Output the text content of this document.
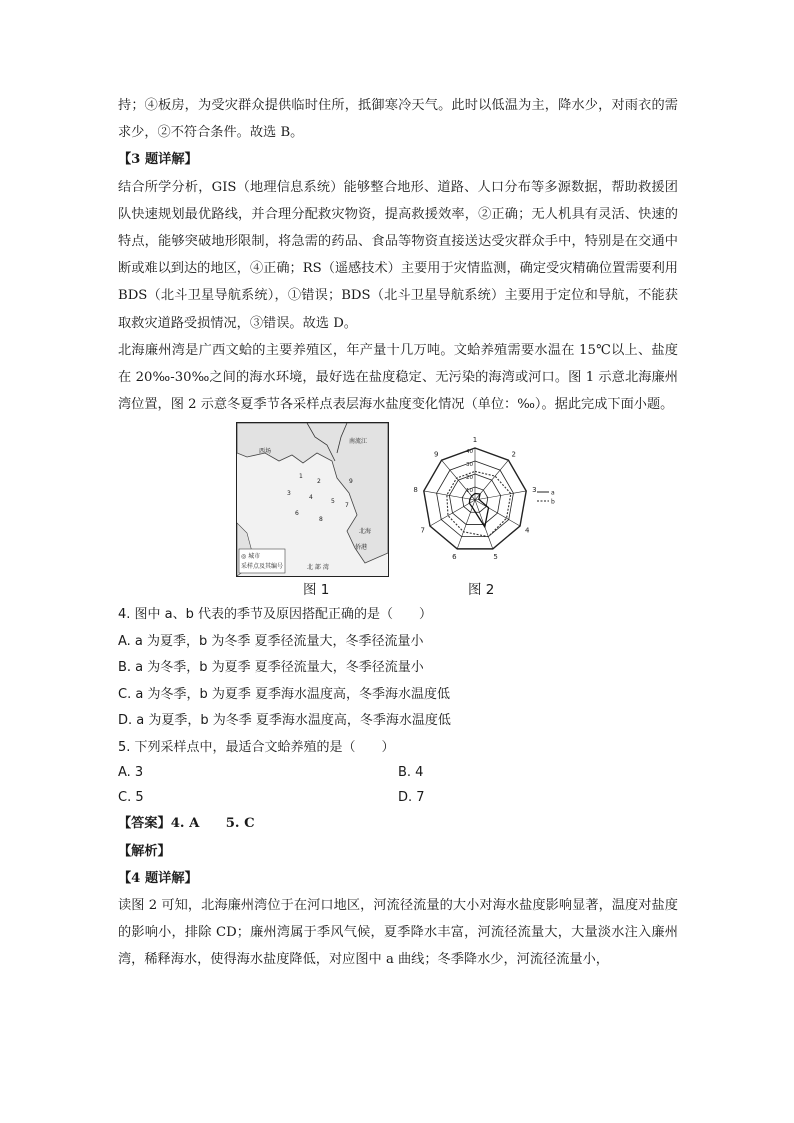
持；④板房，为受灾群众提供临时住所，抵御寒冷天气。此时以低温为主，降水少，对雨衣的需求少，②不符合条件。故选 B。

【3 题详解】

结合所学分析，GIS（地理信息系统）能够整合地形、道路、人口分布等多源数据，帮助救援团队快速规划最优路线，并合理分配救灾物资，提高救援效率，②正确；无人机具有灵活、快速的特点，能够突破地形限制，将急需的药品、食品等物资直接送达受灾群众手中，特别是在交通中断或难以到达的地区，④正确；RS（遥感技术）主要用于灾情监测，确定受灾精确位置需要利用 BDS（北斗卫星导航系统），①错误；BDS（北斗卫星导航系统）主要用于定位和导航，不能获取救灾道路受损情况，③错误。故选 D。

北海廉州湾是广西文蛤的主要养殖区，年产量十几万吨。文蛤养殖需要水温在 15℃以上、盐度在 20‰-30‰之间的海水环境，最好选在盐度稳定、无污染的海湾或河口。图 1 示意北海廉州湾位置，图 2 示意冬夏季节各采样点表层海水盐度变化情况（单位：‰）。据此完成下面小题。

1
2
3
4
5
6
7
8
9
西场
南流江
北海
侨港
北 部 湾
◎ 城市
采样点及其编号
1
2
3
4
5
6
7
8
9	40
30
20
10	a
b
图 1	图 2

4. 图中 a、b 代表的季节及原因搭配正确的是（　　）

A. a 为夏季，b 为冬季 夏季径流量大，冬季径流量小

B. a 为冬季，b 为夏季 夏季径流量大，冬季径流量小

C. a 为冬季，b 为夏季 夏季海水温度高，冬季海水温度低

D. a 为夏季，b 为冬季 夏季海水温度高，冬季海水温度低

5. 下列采样点中，最适合文蛤养殖的是（　　）

A. 3	B. 4
C. 5	D. 7

【答案】4. A　　5. C

【解析】

【4 题详解】

读图 2 可知，北海廉州湾位于在河口地区，河流径流量的大小对海水盐度影响显著，温度对盐度的影响小，排除 CD；廉州湾属于季风气候，夏季降水丰富，河流径流量大，大量淡水注入廉州湾，稀释海水，使得海水盐度降低，对应图中 a 曲线；冬季降水少，河流径流量小，
